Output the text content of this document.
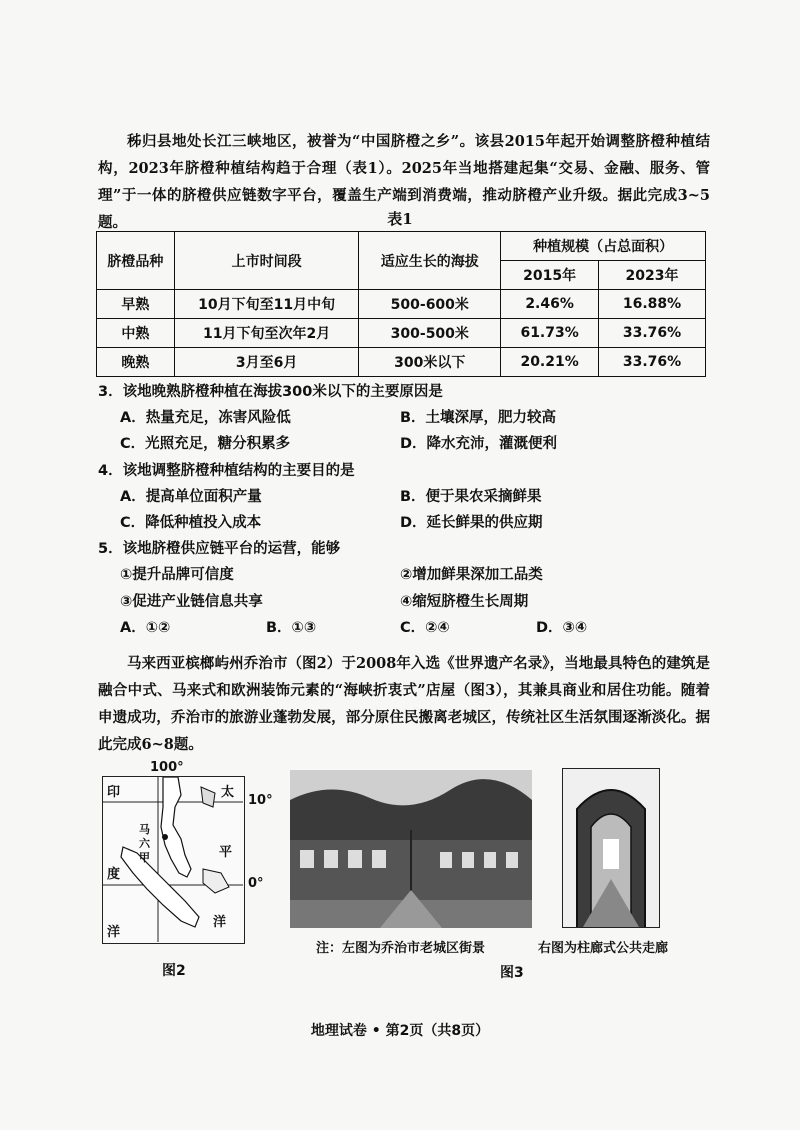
秭归县地处长江三峡地区，被誉为“中国脐橙之乡”。该县2015年起开始调整脐橙种植结构，2023年脐橙种植结构趋于合理（表1）。2025年当地搭建起集“交易、金融、服务、管理”于一体的脐橙供应链数字平台，覆盖生产端到消费端，推动脐橙产业升级。据此完成3~5题。	表1
脐橙品种	上市时间段	适应生长的海拔	种植规模（占总面积）	
			2015年	2023年
早熟	10月下旬至11月中旬	500-600米	2.46%	16.88%
中熟	11月下旬至次年2月	300-500米	61.73%	33.76%
晚熟	3月至6月	300米以下	20.21%	33.76%
3．该地晚熟脐橙种植在海拔300米以下的主要原因是
A．热量充足，冻害风险低	B．土壤深厚，肥力较高
C．光照充足，糖分积累多	D．降水充沛，灌溉便利
4．该地调整脐橙种植结构的主要目的是
A．提高单位面积产量	B．便于果农采摘鲜果
C．降低种植投入成本	D．延长鲜果的供应期
5．该地脐橙供应链平台的运营，能够
①提升品牌可信度	②增加鲜果深加工品类
③促进产业链信息共享	④缩短脐橙生长周期
A．①②	B．①③	C．②④	D．③④

马来西亚槟榔屿州乔治市（图2）于2008年入选《世界遗产名录》，当地最具特色的建筑是融合中式、马来式和欧洲装饰元素的“海峡折衷式”店屋（图3），其兼具商业和居住功能。随着申遗成功，乔治市的旅游业蓬勃发展，部分原住民搬离老城区，传统社区生活氛围逐渐淡化。据此完成6~8题。

100°
印
度
洋
太
平
洋
马
六
甲
10°
0°
图2
注：左图为乔治市老城区街景	右图为柱廊式公共走廊
图3
地理试卷 • 第2页（共8页）
